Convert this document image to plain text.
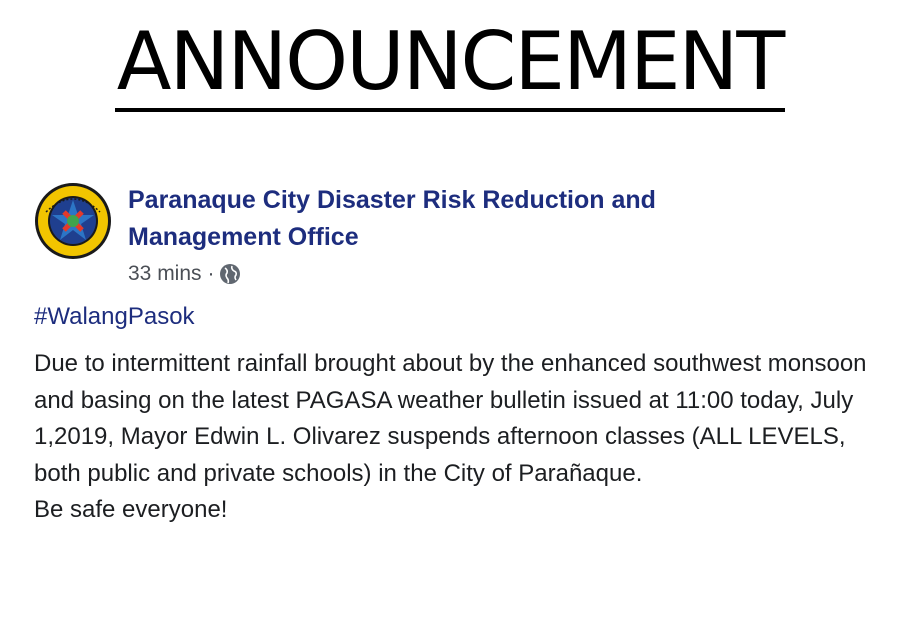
ANNOUNCEMENT
Paranaque City Disaster Risk Reduction and Management Office
33 mins ·
#WalangPasok

Due to intermittent rainfall brought about by the enhanced southwest monsoon and basing on the latest PAGASA weather bulletin issued at 11:00 today, July 1,2019, Mayor Edwin L. Olivarez suspends afternoon classes (ALL LEVELS, both public and private schools) in the City of Parañaque.

Be safe everyone!
